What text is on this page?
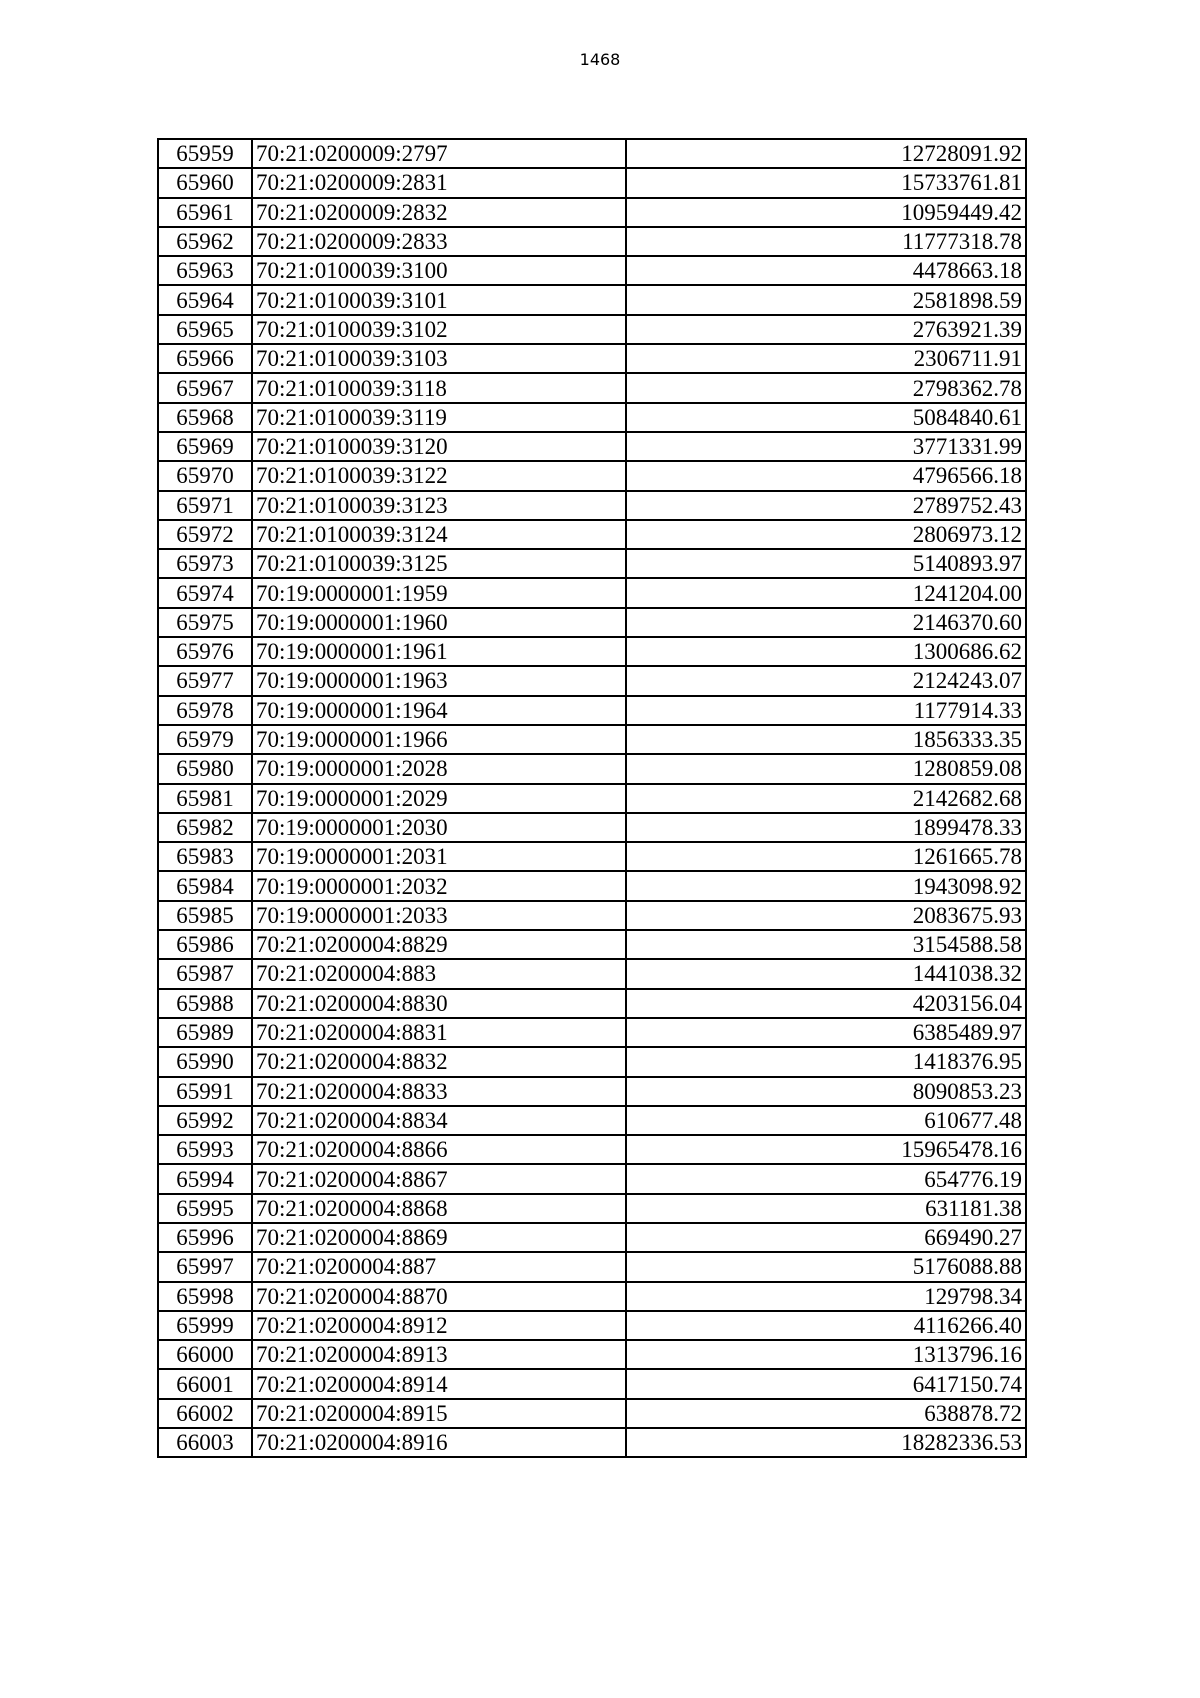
1468
65959	70:21:0200009:2797	12728091.92
65960	70:21:0200009:2831	15733761.81
65961	70:21:0200009:2832	10959449.42
65962	70:21:0200009:2833	11777318.78
65963	70:21:0100039:3100	4478663.18
65964	70:21:0100039:3101	2581898.59
65965	70:21:0100039:3102	2763921.39
65966	70:21:0100039:3103	2306711.91
65967	70:21:0100039:3118	2798362.78
65968	70:21:0100039:3119	5084840.61
65969	70:21:0100039:3120	3771331.99
65970	70:21:0100039:3122	4796566.18
65971	70:21:0100039:3123	2789752.43
65972	70:21:0100039:3124	2806973.12
65973	70:21:0100039:3125	5140893.97
65974	70:19:0000001:1959	1241204.00
65975	70:19:0000001:1960	2146370.60
65976	70:19:0000001:1961	1300686.62
65977	70:19:0000001:1963	2124243.07
65978	70:19:0000001:1964	1177914.33
65979	70:19:0000001:1966	1856333.35
65980	70:19:0000001:2028	1280859.08
65981	70:19:0000001:2029	2142682.68
65982	70:19:0000001:2030	1899478.33
65983	70:19:0000001:2031	1261665.78
65984	70:19:0000001:2032	1943098.92
65985	70:19:0000001:2033	2083675.93
65986	70:21:0200004:8829	3154588.58
65987	70:21:0200004:883	1441038.32
65988	70:21:0200004:8830	4203156.04
65989	70:21:0200004:8831	6385489.97
65990	70:21:0200004:8832	1418376.95
65991	70:21:0200004:8833	8090853.23
65992	70:21:0200004:8834	610677.48
65993	70:21:0200004:8866	15965478.16
65994	70:21:0200004:8867	654776.19
65995	70:21:0200004:8868	631181.38
65996	70:21:0200004:8869	669490.27
65997	70:21:0200004:887	5176088.88
65998	70:21:0200004:8870	129798.34
65999	70:21:0200004:8912	4116266.40
66000	70:21:0200004:8913	1313796.16
66001	70:21:0200004:8914	6417150.74
66002	70:21:0200004:8915	638878.72
66003	70:21:0200004:8916	18282336.53
